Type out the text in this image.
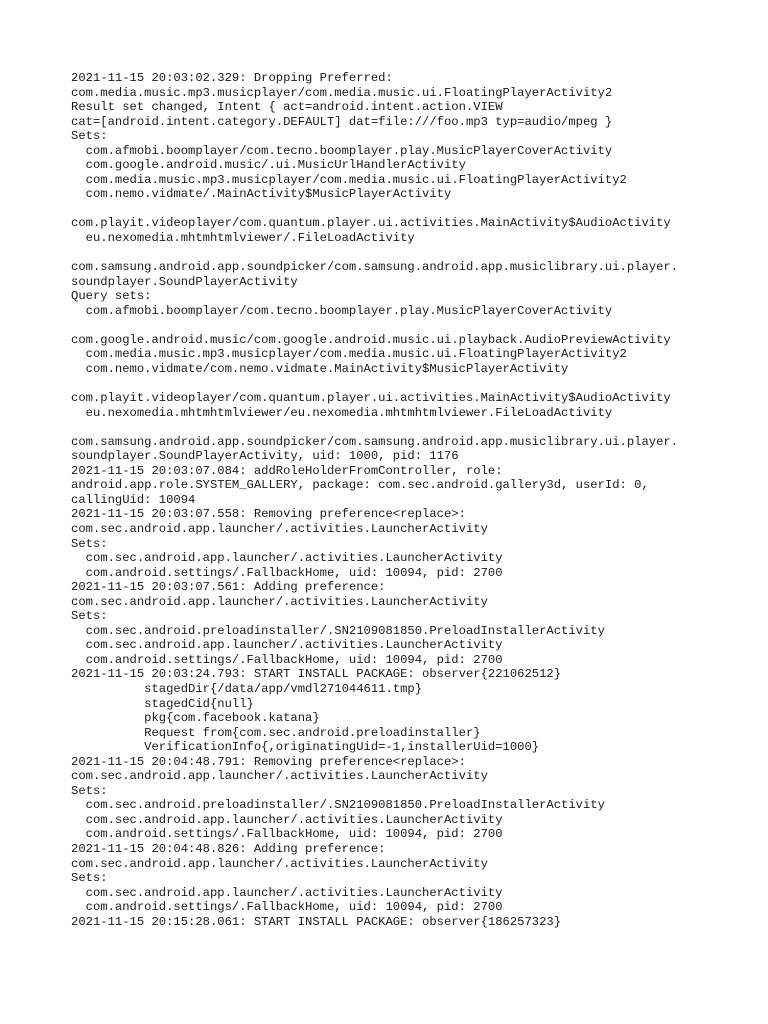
2021-11-15 20:03:02.329: Dropping Preferred:
com.media.music.mp3.musicplayer/com.media.music.ui.FloatingPlayerActivity2
Result set changed, Intent { act=android.intent.action.VIEW
cat=[android.intent.category.DEFAULT] dat=file:///foo.mp3 typ=audio/mpeg }
Sets:
com.afmobi.boomplayer/com.tecno.boomplayer.play.MusicPlayerCoverActivity
com.google.android.music/.ui.MusicUrlHandlerActivity
com.media.music.mp3.musicplayer/com.media.music.ui.FloatingPlayerActivity2
com.nemo.vidmate/.MainActivity$MusicPlayerActivity
com.playit.videoplayer/com.quantum.player.ui.activities.MainActivity$AudioActivity
eu.nexomedia.mhtmhtmlviewer/.FileLoadActivity
com.samsung.android.app.soundpicker/com.samsung.android.app.musiclibrary.ui.player.
soundplayer.SoundPlayerActivity
Query sets:
com.afmobi.boomplayer/com.tecno.boomplayer.play.MusicPlayerCoverActivity
com.google.android.music/com.google.android.music.ui.playback.AudioPreviewActivity
com.media.music.mp3.musicplayer/com.media.music.ui.FloatingPlayerActivity2
com.nemo.vidmate/com.nemo.vidmate.MainActivity$MusicPlayerActivity
com.playit.videoplayer/com.quantum.player.ui.activities.MainActivity$AudioActivity
eu.nexomedia.mhtmhtmlviewer/eu.nexomedia.mhtmhtmlviewer.FileLoadActivity
com.samsung.android.app.soundpicker/com.samsung.android.app.musiclibrary.ui.player.
soundplayer.SoundPlayerActivity, uid: 1000, pid: 1176
2021-11-15 20:03:07.084: addRoleHolderFromController, role:
android.app.role.SYSTEM_GALLERY, package: com.sec.android.gallery3d, userId: 0,
callingUid: 10094
2021-11-15 20:03:07.558: Removing preference<replace>:
com.sec.android.app.launcher/.activities.LauncherActivity
Sets:
com.sec.android.app.launcher/.activities.LauncherActivity
com.android.settings/.FallbackHome, uid: 10094, pid: 2700
2021-11-15 20:03:07.561: Adding preference:
com.sec.android.app.launcher/.activities.LauncherActivity
Sets:
com.sec.android.preloadinstaller/.SN2109081850.PreloadInstallerActivity
com.sec.android.app.launcher/.activities.LauncherActivity
com.android.settings/.FallbackHome, uid: 10094, pid: 2700
2021-11-15 20:03:24.793: START INSTALL PACKAGE: observer{221062512}
stagedDir{/data/app/vmdl271044611.tmp}
stagedCid{null}
pkg{com.facebook.katana}
Request from{com.sec.android.preloadinstaller}
VerificationInfo{,originatingUid=-1,installerUid=1000}
2021-11-15 20:04:48.791: Removing preference<replace>:
com.sec.android.app.launcher/.activities.LauncherActivity
Sets:
com.sec.android.preloadinstaller/.SN2109081850.PreloadInstallerActivity
com.sec.android.app.launcher/.activities.LauncherActivity
com.android.settings/.FallbackHome, uid: 10094, pid: 2700
2021-11-15 20:04:48.826: Adding preference:
com.sec.android.app.launcher/.activities.LauncherActivity
Sets:
com.sec.android.app.launcher/.activities.LauncherActivity
com.android.settings/.FallbackHome, uid: 10094, pid: 2700
2021-11-15 20:15:28.061: START INSTALL PACKAGE: observer{186257323}
